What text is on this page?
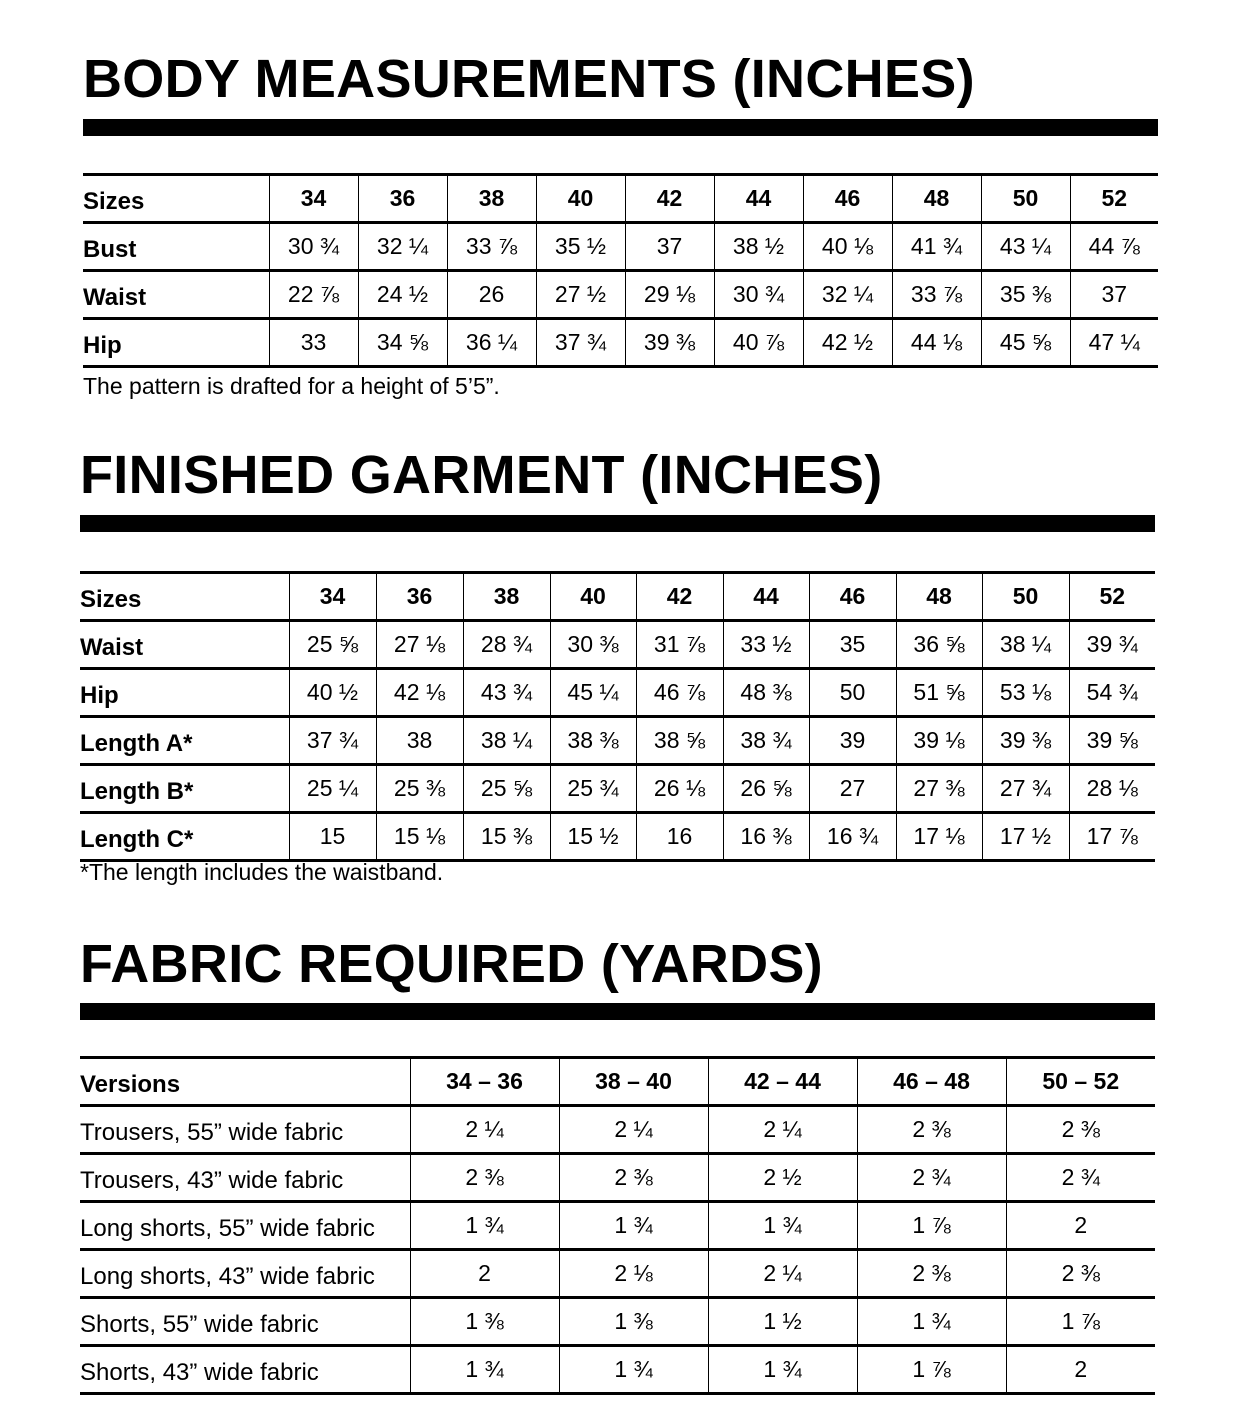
BODY MEASUREMENTS (INCHES)
Sizes	34	36	38	40	42	44	46	48	50	52
Bust	30 ¾	32 ¼	33 ⅞	35 ½	37	38 ½	40 ⅛	41 ¾	43 ¼	44 ⅞
Waist	22 ⅞	24 ½	26	27 ½	29 ⅛	30 ¾	32 ¼	33 ⅞	35 ⅜	37
Hip	33	34 ⅝	36 ¼	37 ¾	39 ⅜	40 ⅞	42 ½	44 ⅛	45 ⅝	47 ¼

The pattern is drafted for a height of 5’5”.

FINISHED GARMENT (INCHES)
Sizes	34	36	38	40	42	44	46	48	50	52
Waist	25 ⅝	27 ⅛	28 ¾	30 ⅜	31 ⅞	33 ½	35	36 ⅝	38 ¼	39 ¾
Hip	40 ½	42 ⅛	43 ¾	45 ¼	46 ⅞	48 ⅜	50	51 ⅝	53 ⅛	54 ¾
Length A*	37 ¾	38	38 ¼	38 ⅜	38 ⅝	38 ¾	39	39 ⅛	39 ⅜	39 ⅝
Length B*	25 ¼	25 ⅜	25 ⅝	25 ¾	26 ⅛	26 ⅝	27	27 ⅜	27 ¾	28 ⅛
Length C*	15	15 ⅛	15 ⅜	15 ½	16	16 ⅜	16 ¾	17 ⅛	17 ½	17 ⅞

*The length includes the waistband.

FABRIC REQUIRED (YARDS)
Versions	34 – 36	38 – 40	42 – 44	46 – 48	50 – 52
Trousers, 55” wide fabric	2 ¼	2 ¼	2 ¼	2 ⅜	2 ⅜
Trousers, 43” wide fabric	2 ⅜	2 ⅜	2 ½	2 ¾	2 ¾
Long shorts, 55” wide fabric	1 ¾	1 ¾	1 ¾	1 ⅞	2
Long shorts, 43” wide fabric	2	2 ⅛	2 ¼	2 ⅜	2 ⅜
Shorts, 55” wide fabric	1 ⅜	1 ⅜	1 ½	1 ¾	1 ⅞
Shorts, 43” wide fabric	1 ¾	1 ¾	1 ¾	1 ⅞	2
